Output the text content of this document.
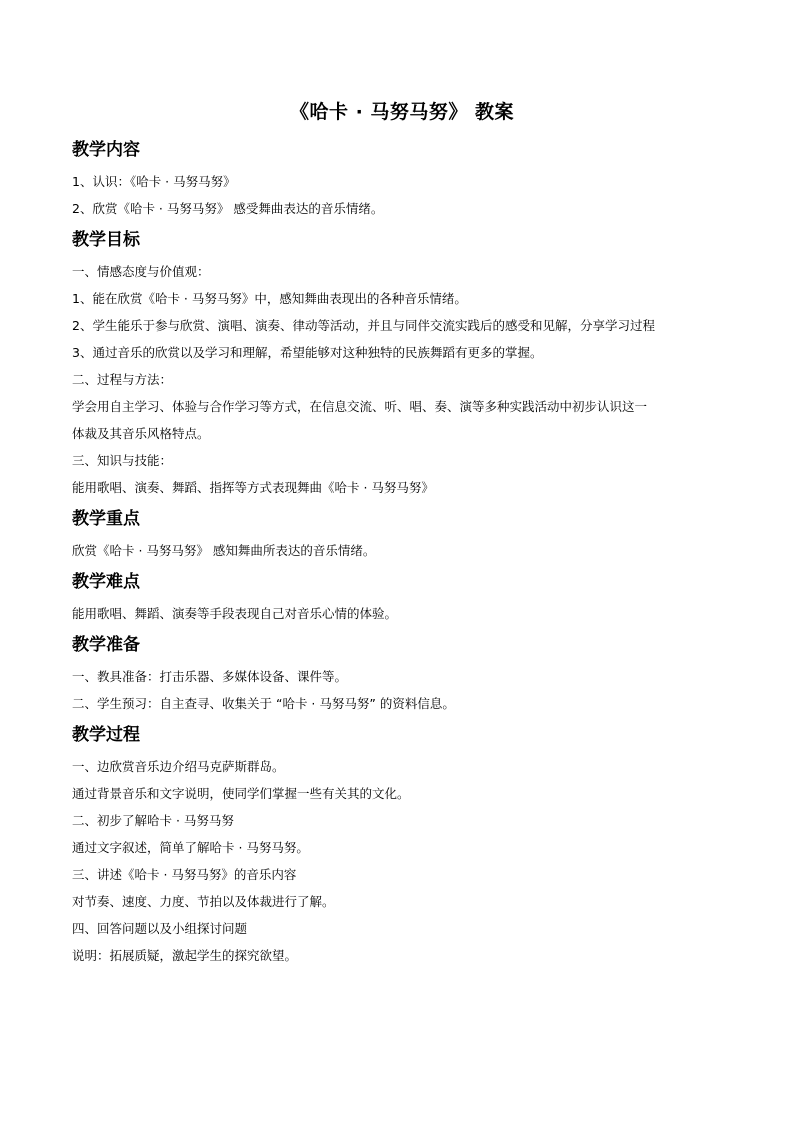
《哈卡 · 马努马努》 教案
教学内容

1、认识：《哈卡 · 马努马努》

2、欣赏《哈卡 · 马努马努》 感受舞曲表达的音乐情绪。

教学目标

一、情感态度与价值观：

1、能在欣赏《哈卡 · 马努马努》中，感知舞曲表现出的各种音乐情绪。

2、学生能乐于参与欣赏、演唱、演奏、律动等活动，并且与同伴交流实践后的感受和见解，分享学习过程

3、通过音乐的欣赏以及学习和理解，希望能够对这种独特的民族舞蹈有更多的掌握。

二、过程与方法：

学会用自主学习、体验与合作学习等方式，在信息交流、听、唱、奏、演等多种实践活动中初步认识这一

体裁及其音乐风格特点。

三、知识与技能：

能用歌唱、演奏、舞蹈、指挥等方式表现舞曲《哈卡 · 马努马努》

教学重点

欣赏《哈卡 · 马努马努》 感知舞曲所表达的音乐情绪。

教学难点

能用歌唱、舞蹈、演奏等手段表现自己对音乐心情的体验。

教学准备

一、教具准备：打击乐器、多媒体设备、课件等。

二、学生预习：自主查寻、收集关于 “哈卡 · 马努马努” 的资料信息。

教学过程

一、边欣赏音乐边介绍马克萨斯群岛。

通过背景音乐和文字说明，使同学们掌握一些有关其的文化。

二、初步了解哈卡 · 马努马努

通过文字叙述，简单了解哈卡 · 马努马努。

三、讲述《哈卡 · 马努马努》的音乐内容

对节奏、速度、力度、节拍以及体裁进行了解。

四、回答问题以及小组探讨问题

说明：拓展质疑，激起学生的探究欲望。
